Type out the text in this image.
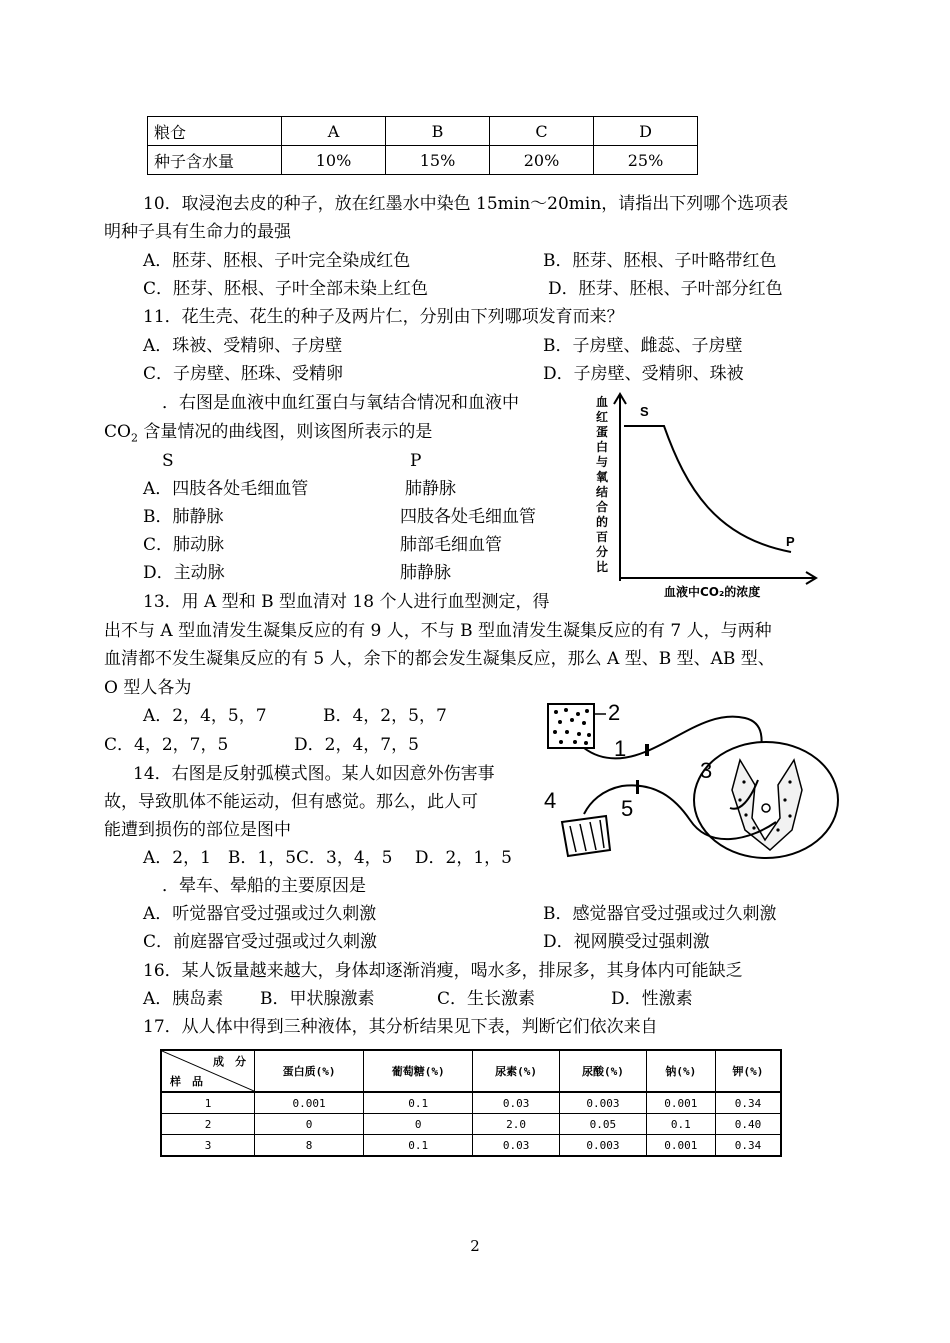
粮仓	A	B	C	D
种子含水量	10%	15%	20%	25%
10．取浸泡去皮的种子，放在红墨水中染色 15min～20min，请指出下列哪个选项表
明种子具有生命力的最强
A．胚芽、胚根、子叶完全染成红色	B．胚芽、胚根、子叶略带红色
C．胚芽、胚根、子叶全部未染上红色	D．胚芽、胚根、子叶部分红色
11．花生壳、花生的种子及两片仁，分别由下列哪项发育而来？
A．珠被、受精卵、子房壁	B．子房壁、雌蕊、子房壁
C．子房壁、胚珠、受精卵	D．子房壁、受精卵、珠被
．右图是血液中血红蛋白与氧结合情况和血液中
$CO_2$ 含量情况的曲线图，则该图所表示的是
S	P
A．四肢各处毛细血管	肺静脉
B．肺静脉	四肢各处毛细血管
C．肺动脉	肺部毛细血管
D．主动脉	肺静脉
S
P
血
红
蛋
白
与
氧
结
合
的
百
分
比
血液中CO₂的浓度
13．用 A 型和 B 型血清对 18 个人进行血型测定，得
出不与 A 型血清发生凝集反应的有 9 人，不与 B 型血清发生凝集反应的有 7 人，与两种
血清都不发生凝集反应的有 5 人，余下的都会发生凝集反应，那么 A 型、B 型、AB 型、
O 型人各为
A．2，4，5，7	B．4，2，5，7
C．4，2，7，5	D．2，4，7，5
14．右图是反射弧模式图。某人如因意外伤害事
故，导致肌体不能运动，但有感觉。那么，此人可
能遭到损伤的部位是图中
A．2，1　B．1，5C．3，4，5　 D．2，1，5
2
1
3
5
4
．晕车、晕船的主要原因是
A．听觉器官受过强或过久刺激	B．感觉器官受过强或过久刺激
C．前庭器官受过强或过久刺激	D．视网膜受过强刺激
16．某人饭量越来越大，身体却逐渐消瘦，喝水多，排尿多，其身体内可能缺乏
A．胰岛素 B．甲状腺激素	C．生长激素	D．性激素
17．从人体中得到三种液体，其分析结果见下表，判断它们依次来自
成　分
样　品	蛋白质(%)	葡萄糖(%)	尿素(%)	尿酸(%)	钠(%)	钾(%)
1	0.001	0.1	0.03	0.003	0.001	0.34
2	0	0	2.0	0.05	0.1	0.40
3	8	0.1	0.03	0.003	0.001	0.34
2
